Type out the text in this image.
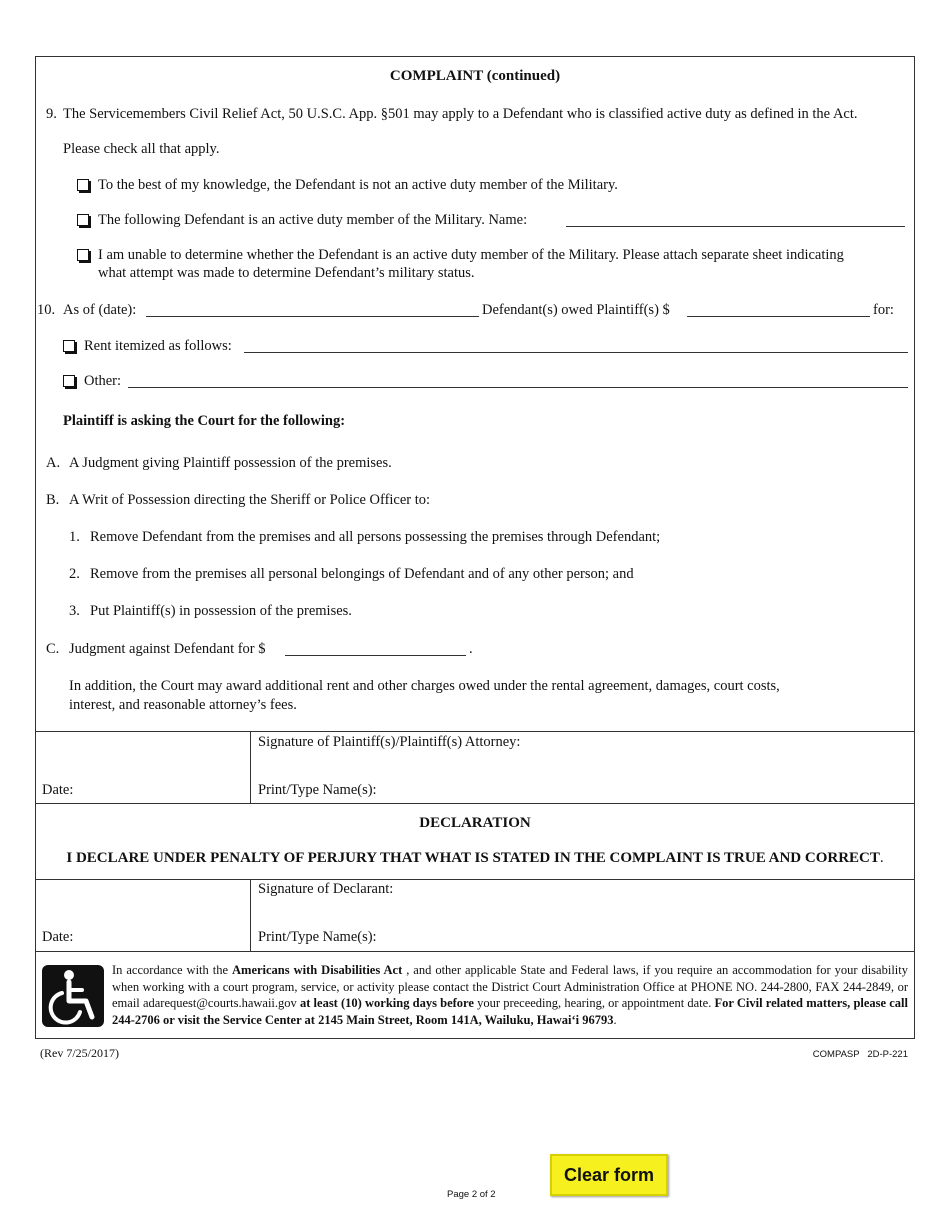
COMPLAINT (continued)
9. The Servicemembers Civil Relief Act, 50 U.S.C. App. §501 may apply to a Defendant who is classified active duty as defined in the Act.
Please check all that apply.
To the best of my knowledge, the Defendant is not an active duty member of the Military.
The following Defendant is an active duty member of the Military. Name:
I am unable to determine whether the Defendant is an active duty member of the Military. Please attach separate sheet indicating
what attempt was made to determine Defendant’s military status.
10. As of (date):	Defendant(s) owed Plaintiff(s) $	for:
Rent itemized as follows:
Other:
Plaintiff is asking the Court for the following:
A. A Judgment giving Plaintiff possession of the premises.
B. A Writ of Possession directing the Sheriff or Police Officer to:
1. Remove Defendant from the premises and all persons possessing the premises through Defendant;
2. Remove from the premises all personal belongings of Defendant and of any other person; and
3. Put Plaintiff(s) in possession of the premises.
C. Judgment against Defendant for $	.
In addition, the Court may award additional rent and other charges owed under the rental agreement, damages, court costs,
interest, and reasonable attorney’s fees.
Signature of Plaintiff(s)/Plaintiff(s) Attorney:
Date:	Print/Type Name(s):
DECLARATION
I DECLARE UNDER PENALTY OF PERJURY THAT WHAT IS STATED IN THE COMPLAINT IS TRUE AND CORRECT.
Signature of Declarant:
Date:	Print/Type Name(s):
In accordance with the Americans with Disabilities Act , and other applicable State and Federal laws, if you require an accommodation for your disability when working with a court program, service, or activity please contact the District Court Administration Office at PHONE NO. 244-2800, FAX 244-2849, or email adarequest@courts.hawaii.gov at least (10) working days before your preceeding, hearing, or appointment date. For Civil related matters, please call 244-2706 or visit the Service Center at 2145 Main Street, Room 141A, Wailuku, Hawai‘i 96793.
(Rev 7/25/2017)	COMPASP   2D-P-221
Page 2 of 2
Clear form
